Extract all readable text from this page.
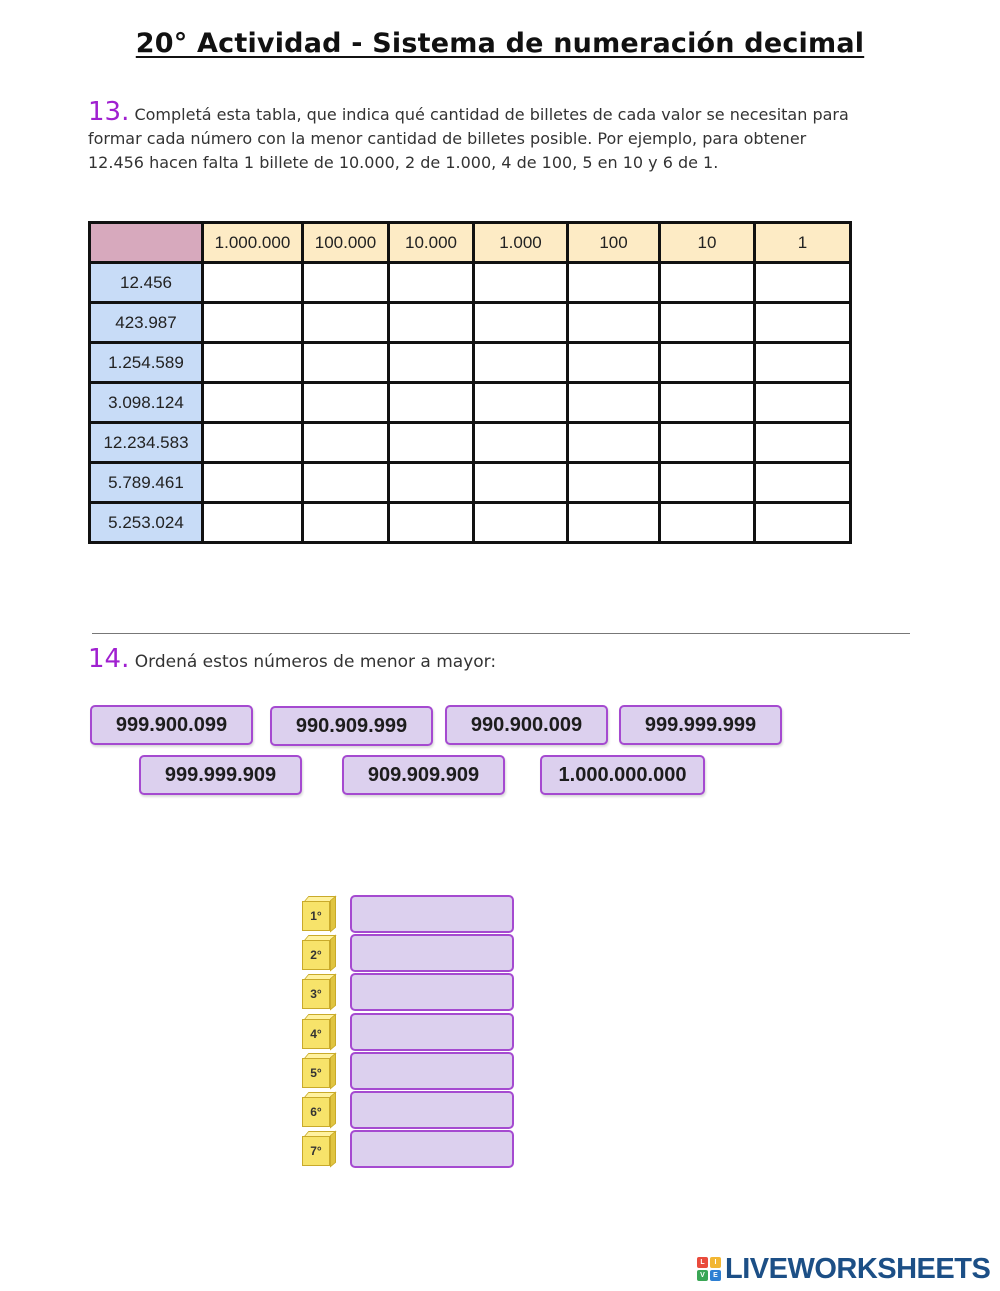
20° Actividad - Sistema de numeración decimal
13. Completá esta tabla, que indica qué cantidad de billetes de cada valor se necesitan para
formar cada número con la menor cantidad de billetes posible. Por ejemplo, para obtener
12.456 hacen falta 1 billete de 10.000, 2 de 1.000, 4 de 100, 5 en 10 y 6 de 1.
	1.000.000	100.000	10.000	1.000	100	10	1
12.456							
423.987							
1.254.589							
3.098.124							
12.234.583							
5.789.461							
5.253.024							
14. Ordená estos números de menor a mayor:
999.900.099	990.909.999	990.900.009	999.999.999
999.999.909	909.909.909	1.000.000.000
1°
2°
3°
4°
5°
6°
7°
L	I
V	E LIVEWORKSHEETS
